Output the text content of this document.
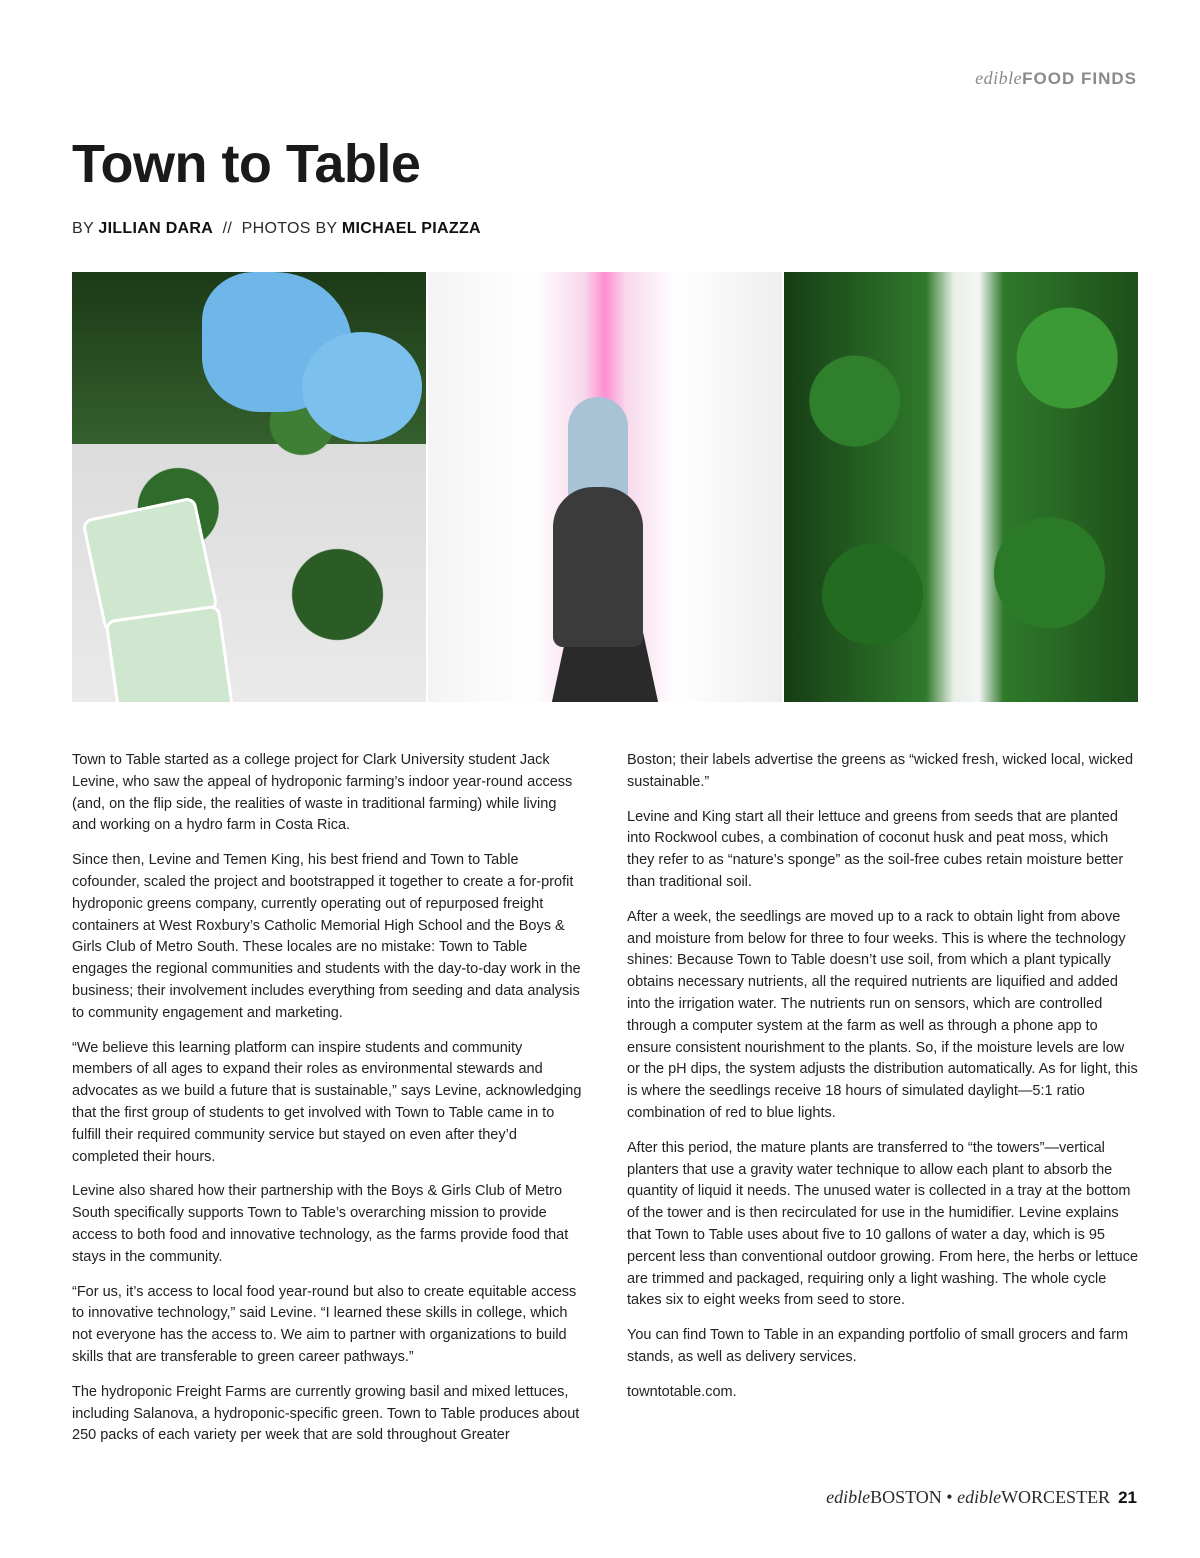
edibleFOOD FINDS
Town to Table
BY JILLIAN DARA // PHOTOS BY MICHAEL PIAZZA

Town to Table started as a college project for Clark University student Jack Levine, who saw the appeal of hydroponic farming’s indoor year-round access (and, on the flip side, the realities of waste in traditional farming) while living and working on a hydro farm in Costa Rica.

Since then, Levine and Temen King, his best friend and Town to Table cofounder, scaled the project and bootstrapped it together to create a for-profit hydroponic greens company, currently operating out of repurposed freight containers at West Roxbury’s Catholic Memorial High School and the Boys & Girls Club of Metro South. These locales are no mistake: Town to Table engages the regional communities and students with the day-to-day work in the business; their involvement includes everything from seeding and data analysis to community engagement and marketing.

“We believe this learning platform can inspire students and community members of all ages to expand their roles as environmental stewards and advocates as we build a future that is sustainable,” says Levine, acknowledging that the first group of students to get involved with Town to Table came in to fulfill their required community service but stayed on even after they’d completed their hours.

Levine also shared how their partnership with the Boys & Girls Club of Metro South specifically supports Town to Table’s overarching mission to provide access to both food and innovative technology, as the farms provide food that stays in the community.

“For us, it’s access to local food year-round but also to create equitable access to innovative technology,” said Levine. “I learned these skills in college, which not everyone has the access to. We aim to partner with organizations to build skills that are transferable to green career pathways.”

The hydroponic Freight Farms are currently growing basil and mixed lettuces, including Salanova, a hydroponic-specific green. Town to Table produces about 250 packs of each variety per week that are sold throughout Greater

Boston; their labels advertise the greens as “wicked fresh, wicked local, wicked sustainable.”

Levine and King start all their lettuce and greens from seeds that are planted into Rockwool cubes, a combination of coconut husk and peat moss, which they refer to as “nature’s sponge” as the soil-free cubes retain moisture better than traditional soil.

After a week, the seedlings are moved up to a rack to obtain light from above and moisture from below for three to four weeks. This is where the technology shines: Because Town to Table doesn’t use soil, from which a plant typically obtains necessary nutrients, all the required nutrients are liquified and added into the irrigation water. The nutrients run on sensors, which are controlled through a computer system at the farm as well as through a phone app to ensure consistent nourishment to the plants. So, if the moisture levels are low or the pH dips, the system adjusts the distribution automatically. As for light, this is where the seedlings receive 18 hours of simulated daylight—5:1 ratio combination of red to blue lights.

After this period, the mature plants are transferred to “the towers”—vertical planters that use a gravity water technique to allow each plant to absorb the quantity of liquid it needs. The unused water is collected in a tray at the bottom of the tower and is then recirculated for use in the humidifier. Levine explains that Town to Table uses about five to 10 gallons of water a day, which is 95 percent less than conventional outdoor growing. From here, the herbs or lettuce are trimmed and packaged, requiring only a light washing. The whole cycle takes six to eight weeks from seed to store.

You can find Town to Table in an expanding portfolio of small grocers and farm stands, as well as delivery services.

towntotable.com.

edibleBOSTON • edibleWORCESTER 21
